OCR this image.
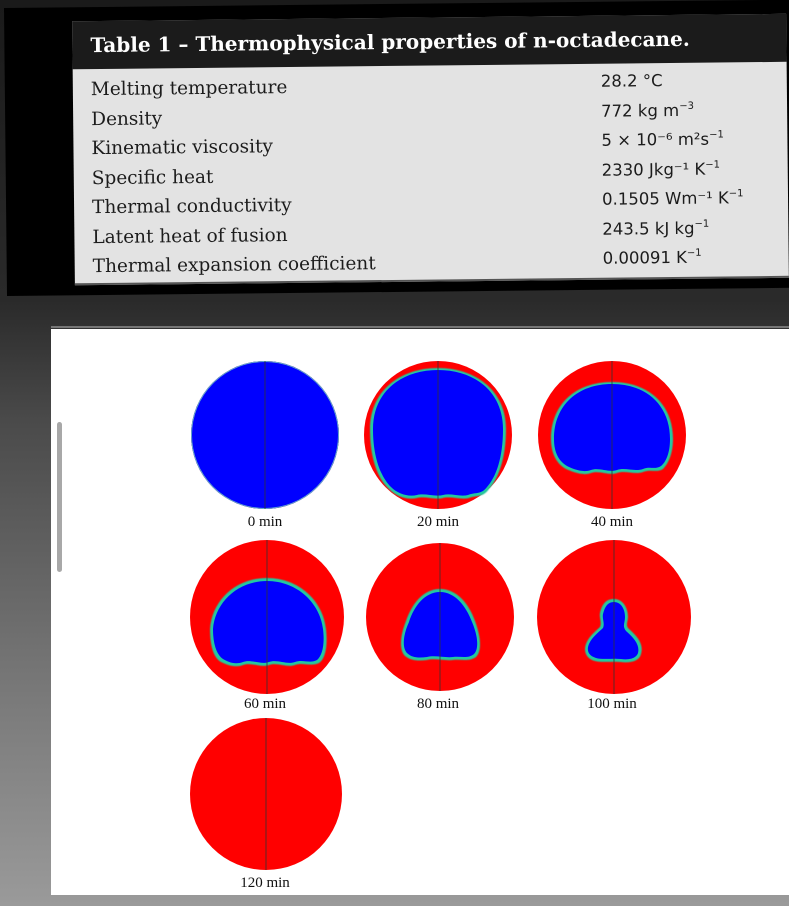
Table 1 – Thermophysical properties of n-octadecane.
Melting temperature	28.2 °C
Density	772 kg $m^{-3}$
Kinematic viscosity	5 × 10⁻⁶ $m^2s^{-1}$
Specific heat	2330 Jkg⁻¹ $K^{-1}$
Thermal conductivity	0.1505 Wm⁻¹ $K^{-1}$
Latent heat of fusion	243.5 kJ $kg^{-1}$
Thermal expansion coefficient	0.00091 $K^{-1}$
0 min	20 min	40 min
60 min	80 min	100 min
120 min
